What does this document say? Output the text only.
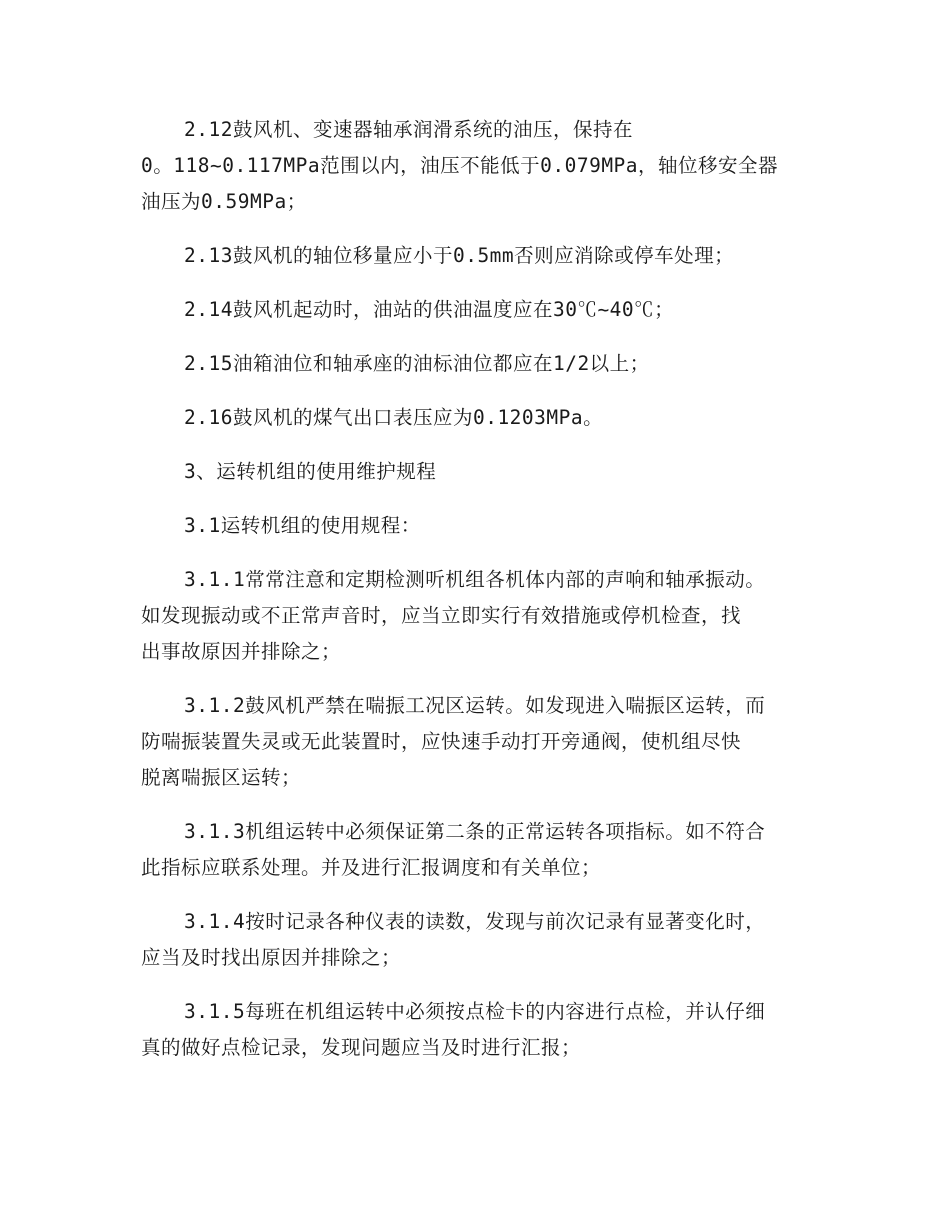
2.12鼓风机、变速器轴承润滑系统的油压，保持在
0。118~0.117MPa范围以内，油压不能低于0.079MPa，轴位移安全器
油压为0.59MPa；

2.13鼓风机的轴位移量应小于0.5mm否则应消除或停车处理；

2.14鼓风机起动时，油站的供油温度应在30℃~40℃；

2.15油箱油位和轴承座的油标油位都应在1/2以上；

2.16鼓风机的煤气出口表压应为0.1203MPa。

3、运转机组的使用维护规程

3.1运转机组的使用规程：

3.1.1常常注意和定期检测听机组各机体内部的声响和轴承振动。
如发现振动或不正常声音时，应当立即实行有效措施或停机检查，找
出事故原因并排除之；

3.1.2鼓风机严禁在喘振工况区运转。如发现进入喘振区运转，而
防喘振装置失灵或无此装置时，应快速手动打开旁通阀，使机组尽快
脱离喘振区运转；

3.1.3机组运转中必须保证第二条的正常运转各项指标。如不符合
此指标应联系处理。并及进行汇报调度和有关单位；

3.1.4按时记录各种仪表的读数，发现与前次记录有显著变化时，
应当及时找出原因并排除之；

3.1.5每班在机组运转中必须按点检卡的内容进行点检，并认仔细
真的做好点检记录，发现问题应当及时进行汇报；
